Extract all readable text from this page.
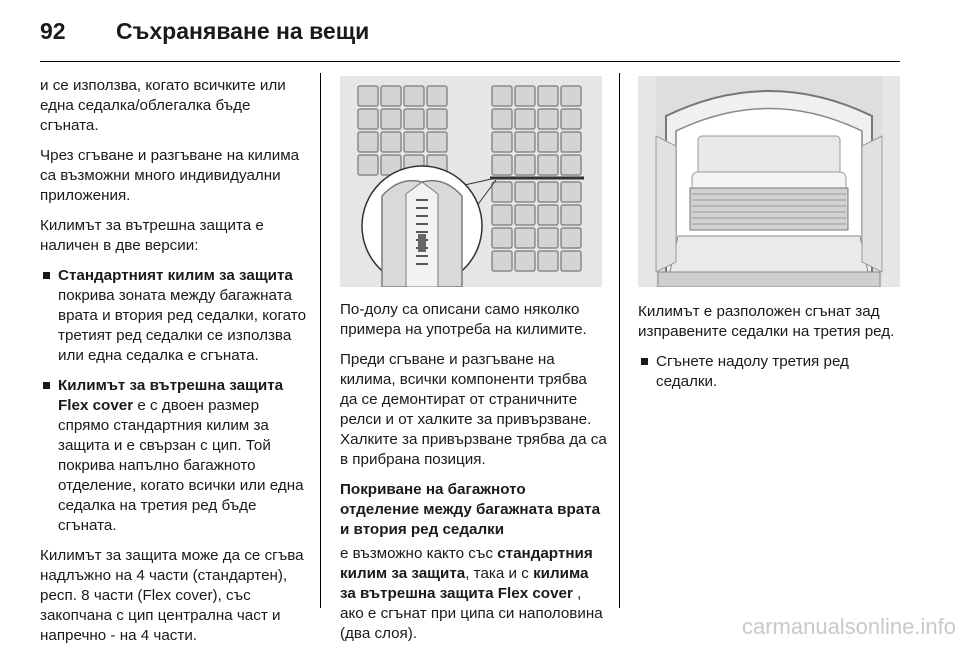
92 Съхраняване на вещи

и се използва, когато всичките или една седалка/облегалка бъде сгъната.

Чрез сгъване и разгъване на килима са възможни много индивидуални приложения.

Килимът за вътрешна защита е наличен в две версии:

Стандартният килим за защита
покрива зоната между багажната врата и втория ред седалки, когато третият ред седалки се използва или една седалка е сгъната.
Килимът за вътрешна защита Flex cover е с двоен размер спрямо стандартния килим за защита и е свързан с цип. Той покрива напълно багажното отделение, когато всички или една седалка на третия ред бъде сгъната.

Килимът за защита може да се сгъва надлъжно на 4 части (стандартен), респ. 8 части (Flex cover), със закопчана с цип централна част и напречно - на 4 части.

По-долу са описани само няколко примера на употреба на килимите.

Преди сгъване и разгъване на килима, всички компоненти трябва да се демонтират от страничните релси и от халките за привързване. Халките за привързване трябва да са в прибрана позиция.

Покриване на багажното отделение между багажната врата и втория ред седалки

е възможно както със стандартния килим за защита, така и с килима за вътрешна защита Flex cover , ако е сгънат при ципа си наполовина (два слоя).

Килимът е разположен сгънат зад изправените седалки на третия ред.

Сгънете надолу третия ред седалки.
carmanualsonline.info
